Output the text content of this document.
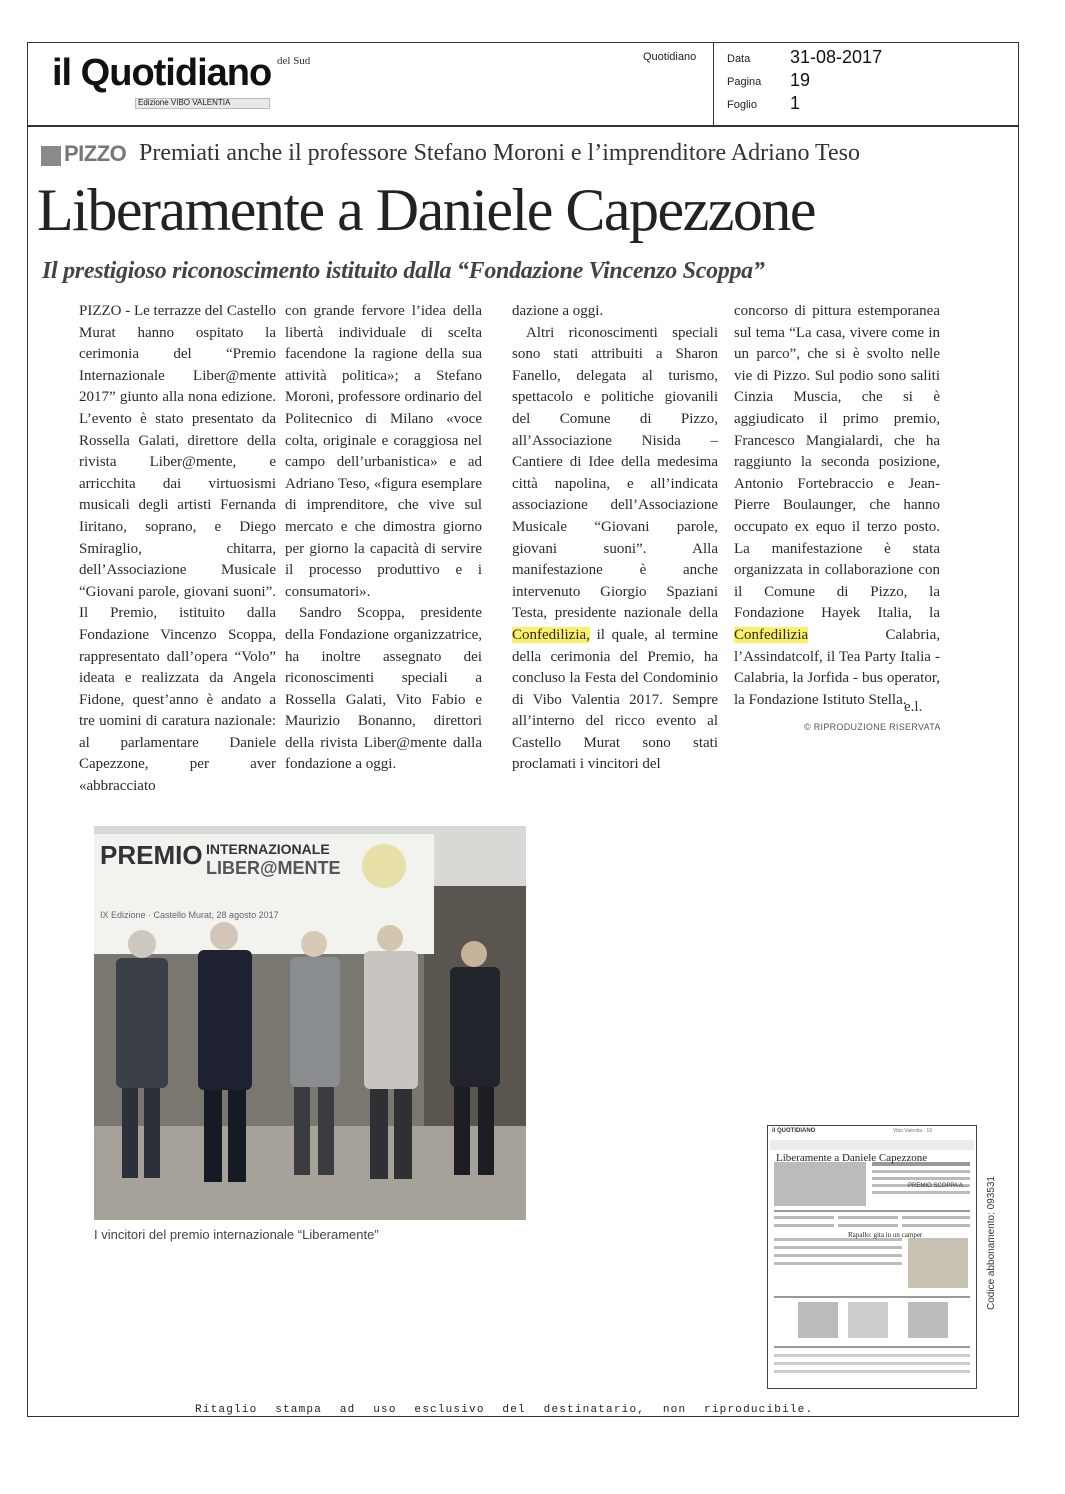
il Quotidiano del Sud
Edizione VIBO VALENTIA
Quotidiano	Data 31-08-2017
Pagina 19
Foglio 1
PIZZO Premiati anche il professore Stefano Moroni e l’imprenditore Adriano Teso
Liberamente a Daniele Capezzone
Il prestigioso riconoscimento istituito dalla “Fondazione Vincenzo Scoppa”

PIZZO - Le terrazze del Castello Murat hanno ospitato la cerimonia del “Premio Internazionale Liber@mente 2017” giunto alla nona edizione. L’evento è stato presentato da Rossella Galati, direttore della rivista Liber@mente, e arricchita dai virtuosismi musicali degli artisti Fernanda Iiritano, soprano, e Diego Smiraglio, chitarra, dell’Associazione Musicale “Giovani parole, giovani suoni”. Il Premio, istituito dalla Fondazione Vincenzo Scoppa, rappresentato dall’opera “Volo” ideata e realizzata da Angela Fidone, quest’anno è andato a tre uomini di caratura nazionale: al parlamentare Daniele Capezzone, per aver «abbracciato

con grande fervore l’idea della libertà individuale di scelta facendone la ragione della sua attività politica»; a Stefano Moroni, professore ordinario del Politecnico di Milano «voce colta, originale e coraggiosa nel campo dell’urbanistica» e ad Adriano Teso, «figura esemplare di imprenditore, che vive sul mercato e che dimostra giorno per giorno la capacità di servire il processo produttivo e i consumatori».

Sandro Scoppa, presidente della Fondazione organizzatrice, ha inoltre assegnato dei riconoscimenti speciali a Rossella Galati, Vito Fabio e Maurizio Bonanno, direttori della rivista Liber@mente dalla fondazione a oggi.

dazione a oggi.

Altri riconoscimenti speciali sono stati attribuiti a Sharon Fanello, delegata al turismo, spettacolo e politiche giovanili del Comune di Pizzo, all’Associazione Nisida – Cantiere di Idee della medesima città napolina, e all’indicata associazione dell’Associazione Musicale “Giovani parole, giovani suoni”. Alla manifestazione è anche intervenuto Giorgio Spaziani Testa, presidente nazionale della Confedilizia, il quale, al termine della cerimonia del Premio, ha concluso la Festa del Condominio di Vibo Valentia 2017. Sempre all’interno del ricco evento al Castello Murat sono stati proclamati i vincitori del

concorso di pittura estemporanea sul tema “La casa, vivere come in un parco”, che si è svolto nelle vie di Pizzo. Sul podio sono saliti Cinzia Muscia, che si è aggiudicato il primo premio, Francesco Mangialardi, che ha raggiunto la seconda posizione, Antonio Fortebraccio e Jean-Pierre Boulaunger, che hanno occupato ex equo il terzo posto. La manifestazione è stata organizzata in collaborazione con il Comune di Pizzo, la Fondazione Hayek Italia, la Confedilizia	Calabria, l’Assindatcolf, il Tea Party Italia - Calabria, la Jorfida - bus operator, la Fondazione Istituto Stella.

e.l.
© RIPRODUZIONE RISERVATA
PREMIO INTERNAZIONALE
LIBER@MENTE
IX Edizione · Castello Murat, 28 agosto 2017
I vincitori del premio internazionale “Liberamente”
il QUOTIDIANO	Vibo Valentia · 19
Liberamente a Daniele Capezzone
PREMIO SCOPPA A...
Rapallo: gita in un camper	Codice abbonamento: 093531
Ritaglio stampa ad uso esclusivo del destinatario, non riproducibile.
